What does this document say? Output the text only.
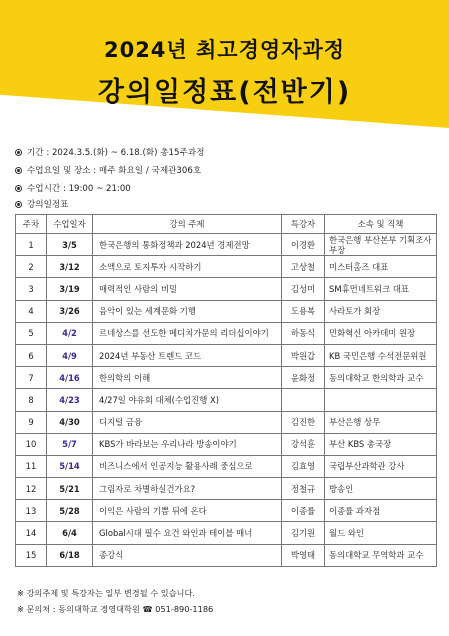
2024년 최고경영자과정
강의일정표(전반기)
기간 : 2024.3.5.(화) ~ 6.18.(화) 총15주과정
수업요일 및 장소 : 매주 화요일 / 국제관306호
수업시간 : 19:00 ~ 21:00
강의일정표
주차	수업일자	강의 주제	특강자	소속 및 직책
1	3/5	한국은행의 통화정책과 2024년 경제전망	이경환	한국은행 부산본부 기획조사부장
2	3/12	소액으로 토지투자 시작하기	고상철	미스터홈즈 대표
3	3/19	매력적인 사람의 비밀	김성미	SM휴먼네트워크 대표
4	3/26	음악이 있는 세계문화 기행	도용복	사라토가 회장
5	4/2	르네상스를 선도한 메디치가문의 리더십이야기	하동식	민화혁신 아카데미 원장
6	4/9	2024년 부동산 트렌드 코드	박원갑	KB 국민은행 수석전문위원
7	4/16	한의학의 이해	윤화정	동의대학교 한의학과 교수
8	4/23	4/27일 야유회 대체(수업진행 X)		
9	4/30	디지털 금융	김진한	부산은행 상무
10	5/7	KBS가 바라보는 우리나라 방송이야기	강석훈	부산 KBS 총국장
11	5/14	비즈니스에서 인공지능 활용사례 중심으로	김효영	국립부산과학관 강사
12	5/21	그림자로 차별하실건가요?	정철규	방송인
13	5/28	이익은 사람의 기쁨 뒤에 온다	이종률	이종률 과자점
14	6/4	Global시대 필수 요건 와인과 테이블 매너	김기원	월드 와인
15	6/18	종강식	박영태	동의대학교 무역학과 교수
※ 강의주제 및 특강자는 일부 변경될 수 있습니다.
※ 문의처 : 동의대학교 경영대학원 ☎ 051-890-1186
